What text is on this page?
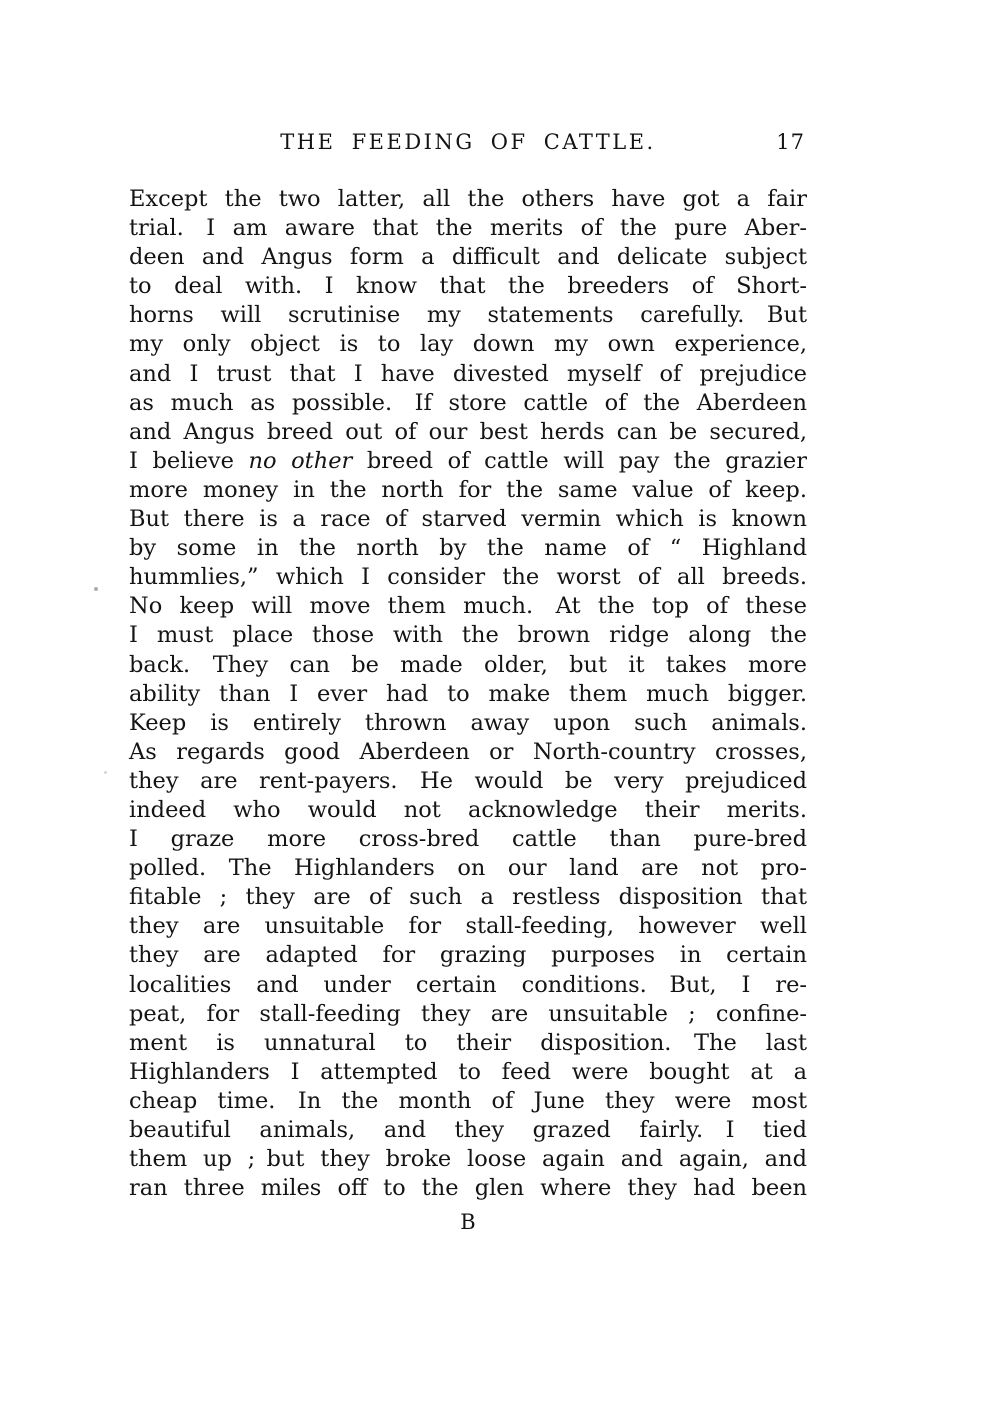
THE FEEDING OF CATTLE.	17
Except the two latter, all the others have got a fair
trial. I am aware that the merits of the pure Aber-
deen and Angus form a difficult and delicate subject
to deal with. I know that the breeders of Short-
horns will scrutinise my statements carefully. But
my only object is to lay down my own experience,
and I trust that I have divested myself of prejudice
as much as possible. If store cattle of the Aberdeen
and Angus breed out of our best herds can be secured,
I believe no other breed of cattle will pay the grazier
more money in the north for the same value of keep.
But there is a race of starved vermin which is known
by some in the north by the name of “ Highland
hummlies,” which I consider the worst of all breeds.
No keep will move them much. At the top of these
I must place those with the brown ridge along the
back. They can be made older, but it takes more
ability than I ever had to make them much bigger.
Keep is entirely thrown away upon such animals.
As regards good Aberdeen or North-country crosses,
they are rent-payers. He would be very prejudiced
indeed who would not acknowledge their merits.
I graze more cross-bred cattle than pure-bred
polled. The Highlanders on our land are not pro-
fitable ; they are of such a restless disposition that
they are unsuitable for stall-feeding, however well
they are adapted for grazing purposes in certain
localities and under certain conditions. But, I re-
peat, for stall-feeding they are unsuitable ; confine-
ment is unnatural to their disposition. The last
Highlanders I attempted to feed were bought at a
cheap time. In the month of June they were most
beautiful animals, and they grazed fairly. I tied
them up ; but they broke loose again and again, and
ran three miles off to the glen where they had been
B
